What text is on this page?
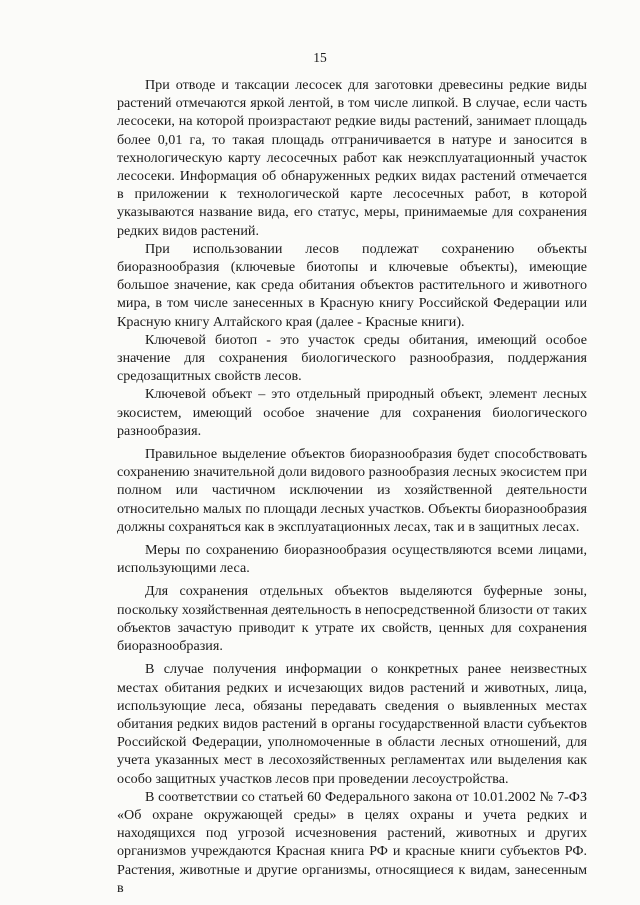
15

При отводе и таксации лесосек для заготовки древесины редкие виды растений отмечаются яркой лентой, в том числе липкой. В случае, если часть лесосеки, на которой произрастают редкие виды растений, занимает площадь более 0,01 га, то такая площадь отграничивается в натуре и заносится в технологическую карту лесосечных работ как неэксплуатационный участок лесосеки. Информация об обнаруженных редких видах растений отмечается в приложении к технологической карте лесосечных работ, в которой указываются название вида, его статус, меры, принимаемые для сохранения редких видов растений.

При использовании лесов подлежат сохранению объекты биоразнообразия (ключевые биотопы и ключевые объекты), имеющие большое значение, как среда обитания объектов растительного и животного мира, в том числе занесенных в Красную книгу Российской Федерации или Красную книгу Алтайского края (далее - Красные книги).

Ключевой биотоп - это участок среды обитания, имеющий особое значение для сохранения биологического разнообразия, поддержания средозащитных свойств лесов.

Ключевой объект – это отдельный природный объект, элемент лесных экосистем, имеющий особое значение для сохранения биологического разнообразия.

Правильное выделение объектов биоразнообразия будет способствовать сохранению значительной доли видового разнообразия лесных экосистем при полном или частичном исключении из хозяйственной деятельности относительно малых по площади лесных участков. Объекты биоразнообразия должны сохраняться как в эксплуатационных лесах, так и в защитных лесах.

Меры по сохранению биоразнообразия осуществляются всеми лицами, использующими леса.

Для сохранения отдельных объектов выделяются буферные зоны, поскольку хозяйственная деятельность в непосредственной близости от таких объектов зачастую приводит к утрате их свойств, ценных для сохранения биоразнообразия.

В случае получения информации о конкретных ранее неизвестных местах обитания редких и исчезающих видов растений и животных, лица, использующие леса, обязаны передавать сведения о выявленных местах обитания редких видов растений в органы государственной власти субъектов Российской Федерации, уполномоченные в области лесных отношений, для учета указанных мест в лесохозяйственных регламентах или выделения как особо защитных участков лесов при проведении лесоустройства.

В соответствии со статьей 60 Федерального закона от 10.01.2002 № 7-ФЗ «Об охране окружающей среды» в целях охраны и учета редких и находящихся под угрозой исчезновения растений, животных и других организмов учреждаются Красная книга РФ и красные книги субъектов РФ. Растения, животные и другие организмы, относящиеся к видам, занесенным в
